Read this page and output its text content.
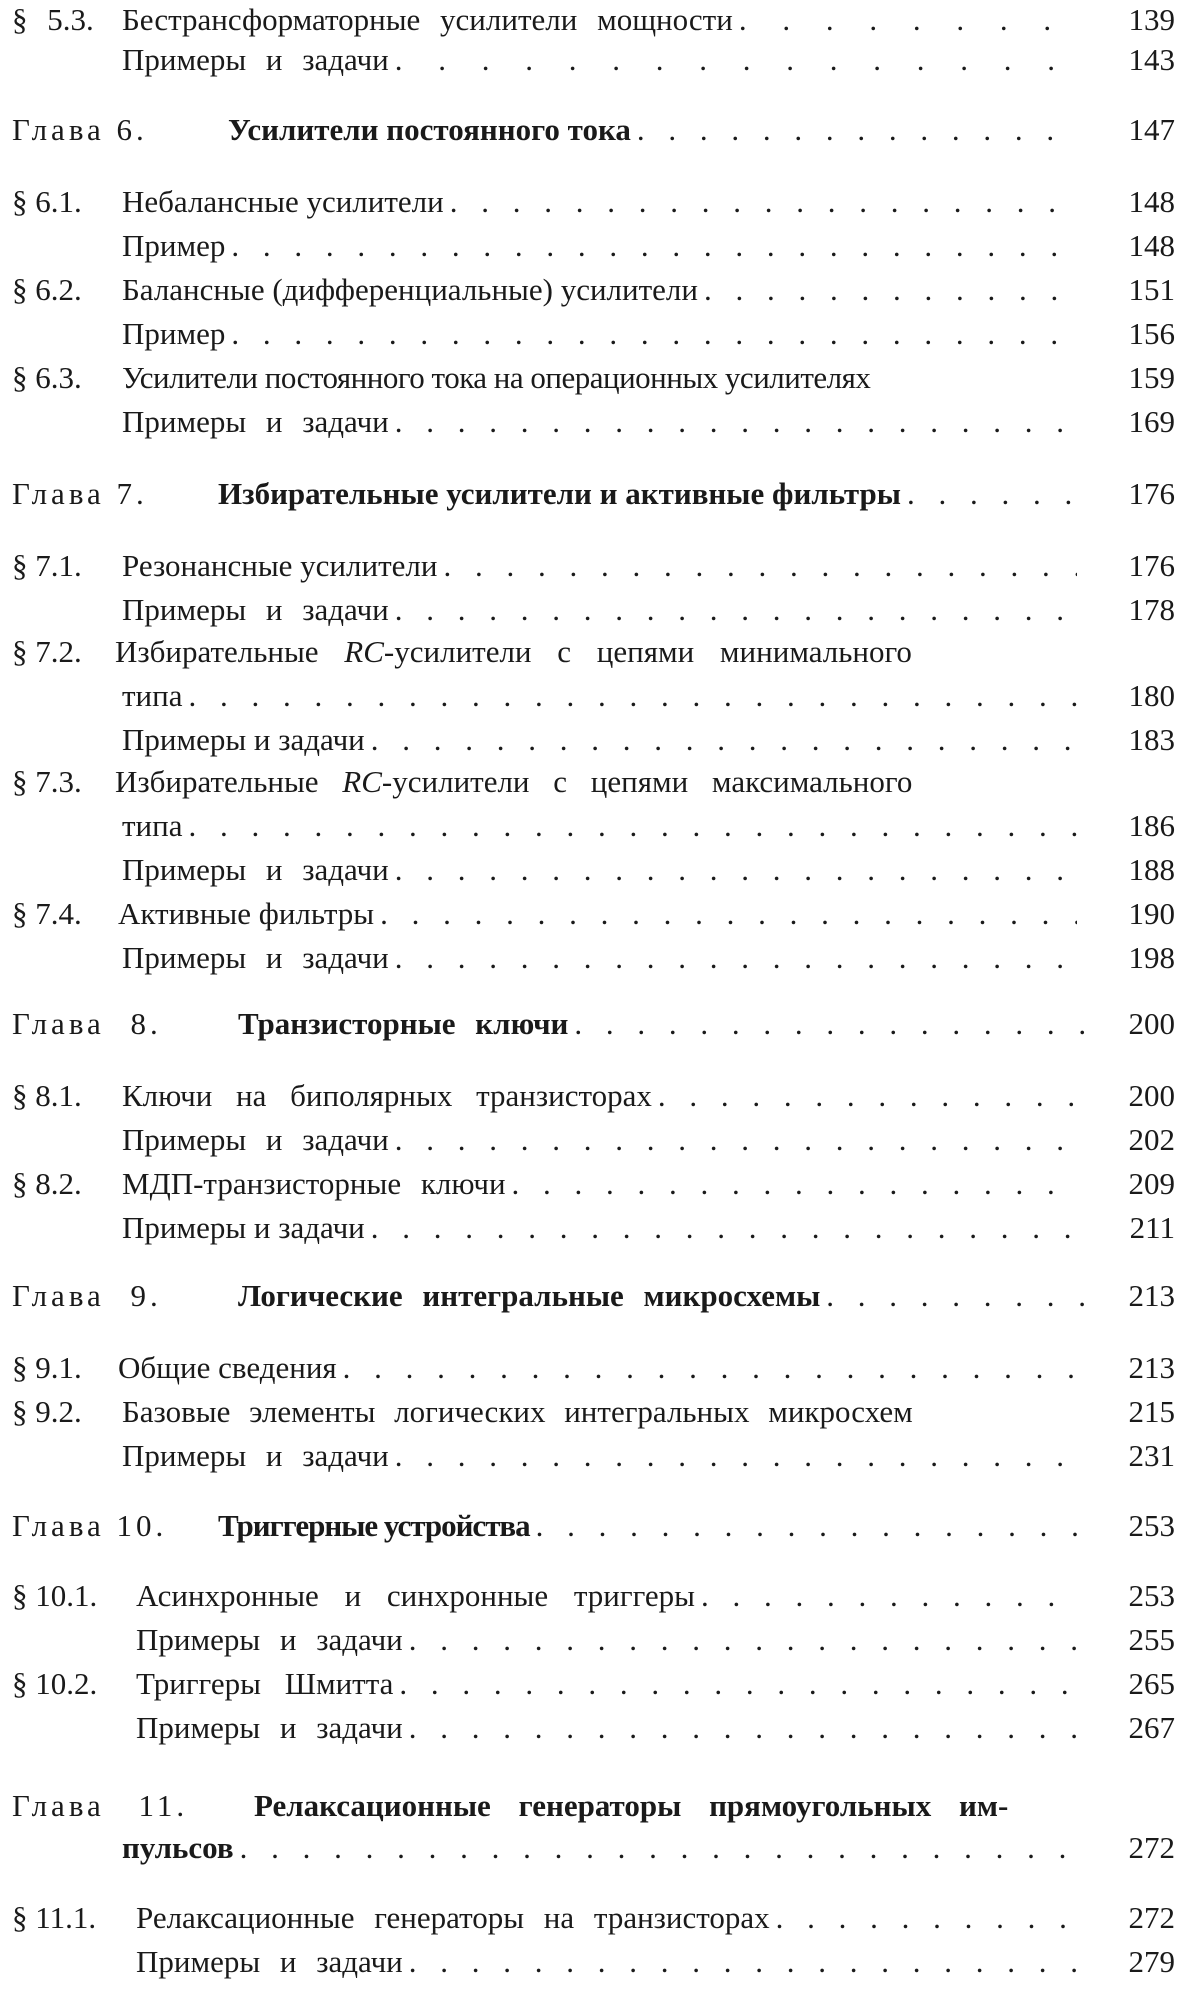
§ 5.3. Бестрансформаторные усилители мощности . . .	139
Примеры и задачи . . .	143
Глава 6.	Усилители постоянного тока . . .	147
§ 6.1. Небалансные усилители . . .	148
Пример . . .	148
§ 6.2. Балансные (дифференциальные) усилители . . .	151
Пример . . .	156
§ 6.3. Усилители постоянного тока на операционных усилителях	159
Примеры и задачи . . .	169
Глава 7. Избирательные усилители и активные фильтры . . .	176
§ 7.1. Резонансные усилители . . .	176
Примеры и задачи . . .	178
§ 7.2. Избирательные RC-усилители с цепями минимального
типа . . .	180
Примеры и задачи . . .	183
§ 7.3. Избирательные RC-усилители с цепями максимального
типа . . .	186
Примеры и задачи . . .	188
§ 7.4. Активные фильтры . . .	190
Примеры и задачи . . .	198
Глава 8. Транзисторные ключи . . .	200
§ 8.1. Ключи на биполярных транзисторах . . .	200
Примеры и задачи . . .	202
§ 8.2. МДП-транзисторные ключи . . .	209
Примеры и задачи . . .	211
Глава 9. Логические интегральные микросхемы . . .	213
§ 9.1. Общие сведения . . .	213
§ 9.2. Базовые элементы логических интегральных микросхем	215
Примеры и задачи . . .	231
Глава 10. Триггерные устройства . . .	253
§ 10.1. Асинхронные и синхронные триггеры . . .	253
Примеры и задачи . . .	255
§ 10.2. Триггеры Шмитта . . .	265
Примеры и задачи . . .	267
Глава 11. Релаксационные генераторы прямоугольных им-
пульсов . . .	272
§ 11.1. Релаксационные генераторы на транзисторах . . .	272
Примеры и задачи . . .	279
